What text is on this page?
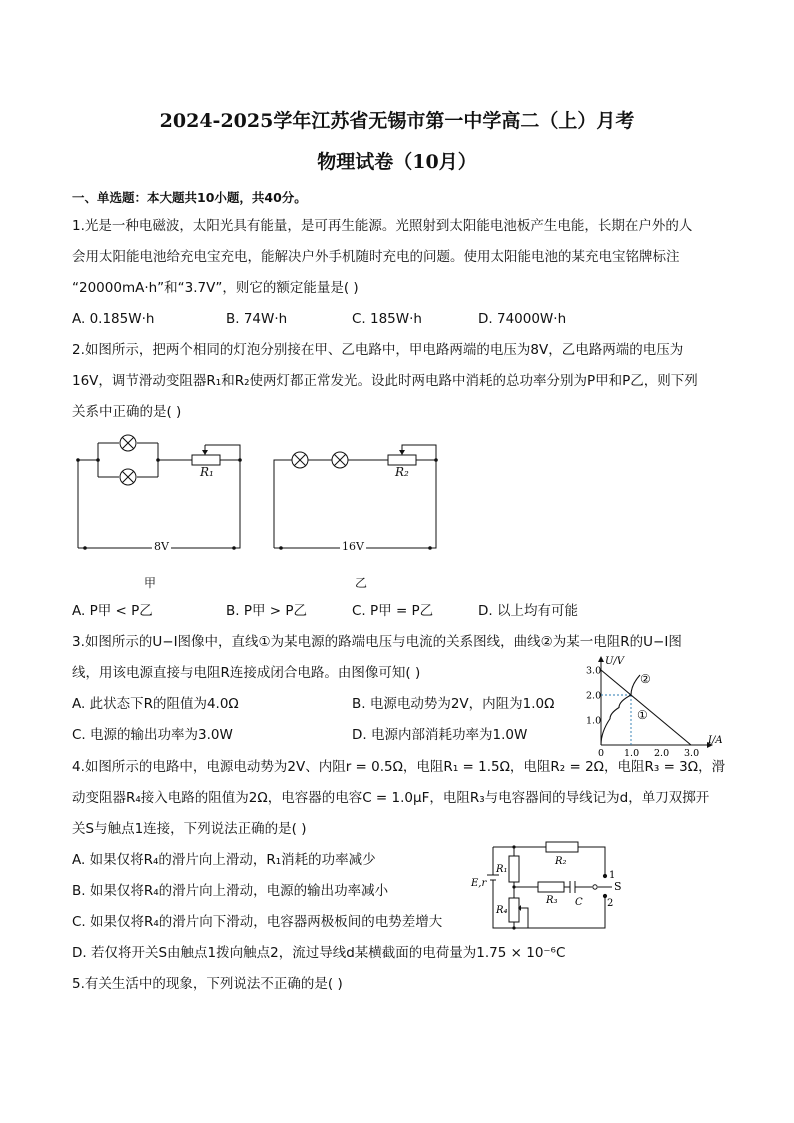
2024-2025学年江苏省无锡市第一中学高二（上）月考
物理试卷（10月）
一、单选题：本大题共10小题，共40分。
1.光是一种电磁波，太阳光具有能量，是可再生能源。光照射到太阳能电池板产生电能，长期在户外的人
会用太阳能电池给充电宝充电，能解决户外手机随时充电的问题。使用太阳能电池的某充电宝铭牌标注
“20000mA·h”和“3.7V”，则它的额定能量是( )
A. 0.185W·h	B. 74W·h	C. 185W·h	D. 74000W·h
2.如图所示，把两个相同的灯泡分别接在甲、乙电路中，甲电路两端的电压为8V，乙电路两端的电压为
16V，调节滑动变阻器R₁和R₂使两灯都正常发光。设此时两电路中消耗的总功率分别为P甲和P乙，则下列
关系中正确的是( )
R₁	R₂
8V	16V
甲	乙
A. P甲 < P乙	B. P甲 > P乙	C. P甲 = P乙	D. 以上均有可能
3.如图所示的U−I图像中，直线①为某电源的路端电压与电流的关系图线，曲线②为某一电阻R的U−I图
线，用该电源直接与电阻R连接成闭合电路。由图像可知( )
A. 此状态下R的阻值为4.0Ω	B. 电源电动势为2V，内阻为1.0Ω
C. 电源的输出功率为3.0W	D. 电源内部消耗功率为1.0W
1.0
2.0
3.0
0 1.0 2.0 3.0
U/V
I/A
①
②
4.如图所示的电路中，电源电动势为2V、内阻r = 0.5Ω，电阻R₁ = 1.5Ω，电阻R₂ = 2Ω，电阻R₃ = 3Ω，滑
动变阻器R₄接入电路的阻值为2Ω，电容器的电容C = 1.0μF，电阻R₃与电容器间的导线记为d，单刀双掷开
关S与触点1连接，下列说法正确的是( )
A. 如果仅将R₄的滑片向上滑动，R₁消耗的功率减少
B. 如果仅将R₄的滑片向上滑动，电源的输出功率减小
C. 如果仅将R₄的滑片向下滑动，电容器两极板间的电势差增大
D. 若仅将开关S由触点1拨向触点2，流过导线d某横截面的电荷量为1.75 × 10⁻⁶C
E,r
R₁
R₂
R₃
R₄
C
S
1
2
5.有关生活中的现象，下列说法不正确的是( )
